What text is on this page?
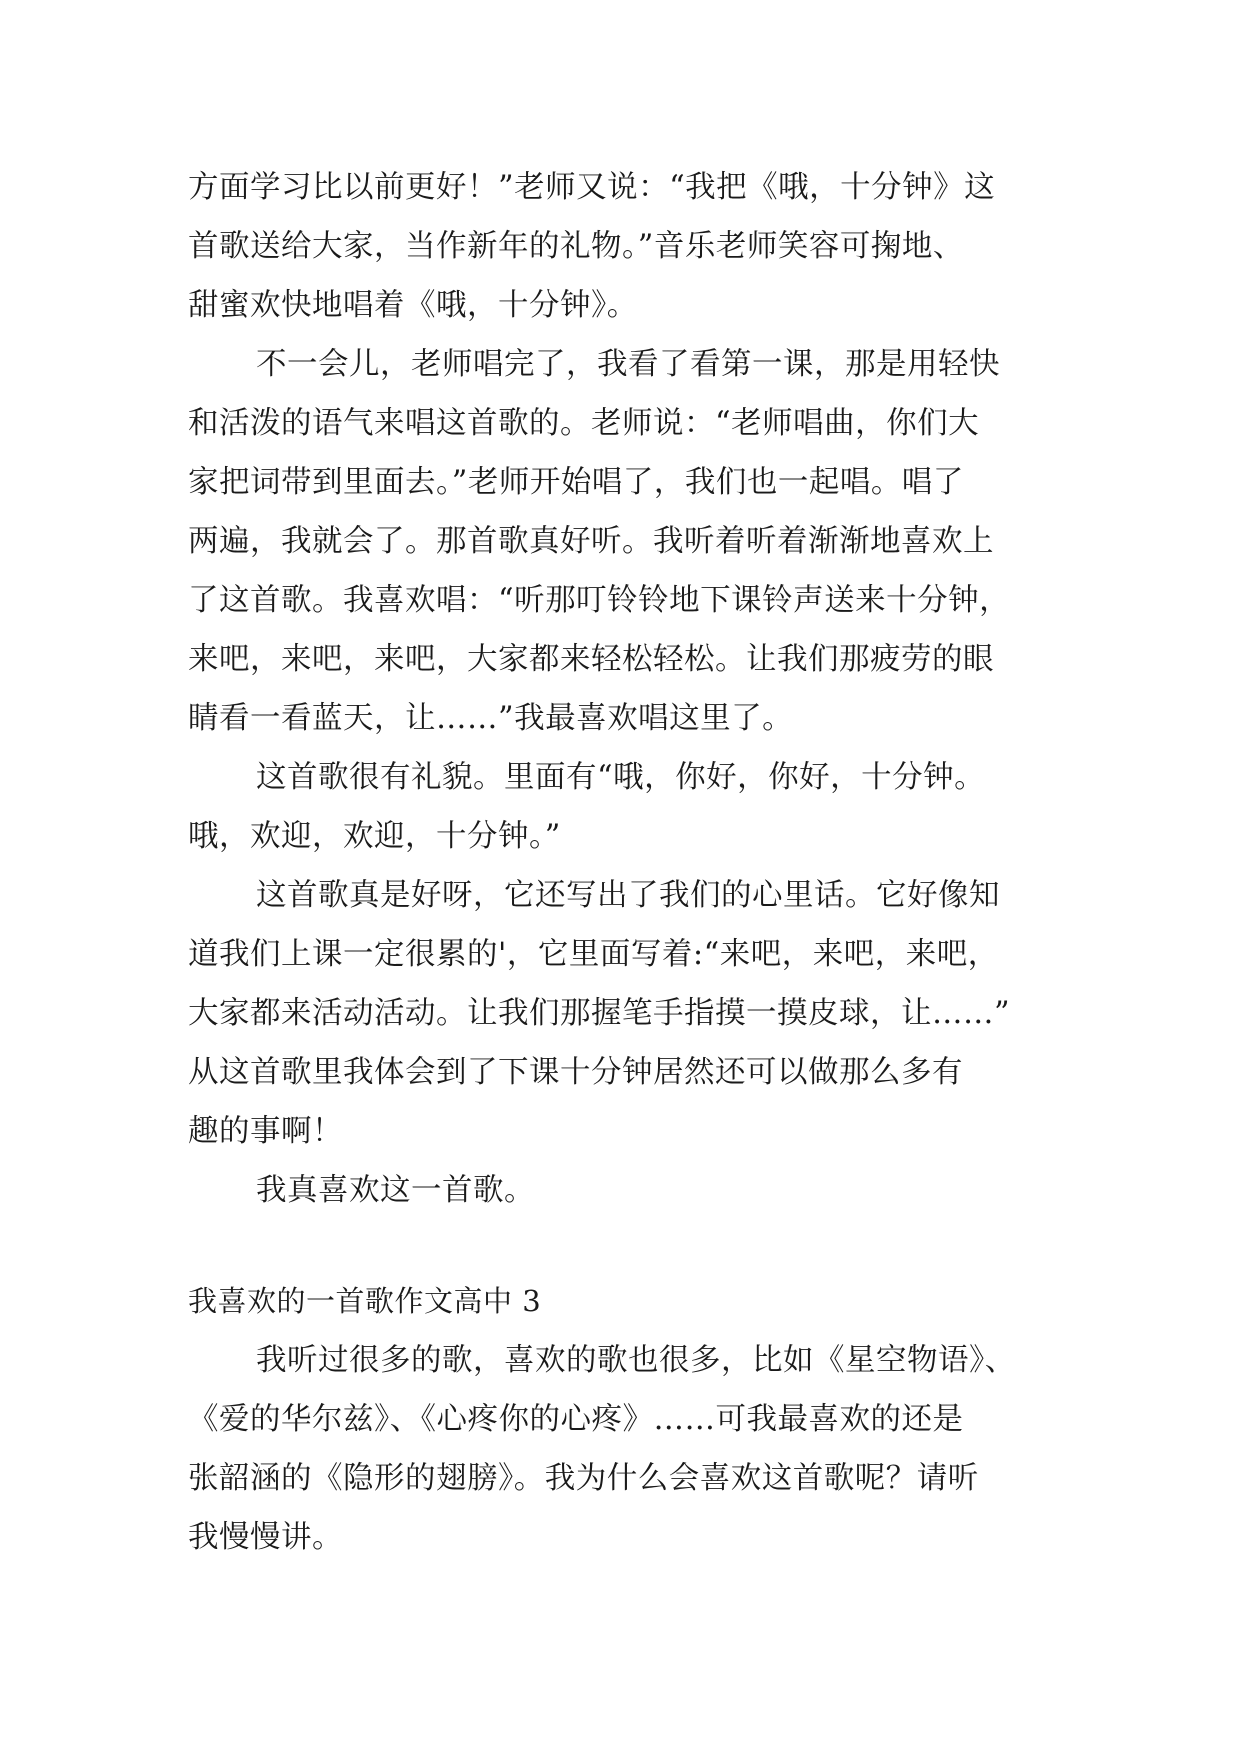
方面学习比以前更好！”老师又说：“我把《哦，十分钟》这
首歌送给大家，当作新年的礼物。”音乐老师笑容可掬地、
甜蜜欢快地唱着《哦，十分钟》。
不一会儿，老师唱完了，我看了看第一课，那是用轻快
和活泼的语气来唱这首歌的。老师说：“老师唱曲，你们大
家把词带到里面去。”老师开始唱了，我们也一起唱。唱了
两遍，我就会了。那首歌真好听。我听着听着渐渐地喜欢上
了这首歌。我喜欢唱：“听那叮铃铃地下课铃声送来十分钟，
来吧，来吧，来吧，大家都来轻松轻松。让我们那疲劳的眼
睛看一看蓝天，让……”我最喜欢唱这里了。
这首歌很有礼貌。里面有“哦，你好，你好，十分钟。
哦，欢迎，欢迎，十分钟。”
这首歌真是好呀，它还写出了我们的心里话。它好像知
道我们上课一定很累的'，它里面写着:“来吧，来吧，来吧，
大家都来活动活动。让我们那握笔手指摸一摸皮球，让……”
从这首歌里我体会到了下课十分钟居然还可以做那么多有
趣的事啊！
我真喜欢这一首歌。
我喜欢的一首歌作文高中 3
我听过很多的歌，喜欢的歌也很多，比如《星空物语》、
《爱的华尔兹》、《心疼你的心疼》……可我最喜欢的还是
张韶涵的《隐形的翅膀》。我为什么会喜欢这首歌呢？请听
我慢慢讲。
